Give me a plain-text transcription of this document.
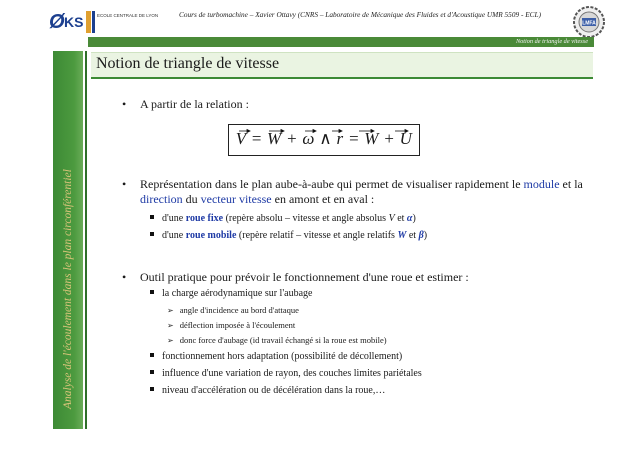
Ø KS	ECOLE CENTRALE DE LYON	Cours de turbomachine – Xavier Ottavy (CNRS – Laboratoire de Mécanique des Fluides et d'Acoustique UMR 5509 - ECL)
LMFA
Notion de triangle de vitesse
Analyse de l'écoulement dans le plan circonférentiel
Notion de triangle de vitesse
• A partir de la relation :
V = W + ω ∧ r = W + U
• Représentation dans le plan aube-à-aube qui permet de visualiser rapidement le module et la direction du vecteur vitesse en amont et en aval :
d'une roue fixe (repère absolu – vitesse et angle absolus V et α)
d'une roue mobile (repère relatif – vitesse et angle relatifs W et β)
• Outil pratique pour prévoir le fonctionnement d'une roue et estimer :
la charge aérodynamique sur l'aubage
➢ angle d'incidence au bord d'attaque
➢ déflection imposée à l'écoulement
➢ donc force d'aubage (id travail échangé si la roue est mobile)
fonctionnement hors adaptation (possibilité de décollement)
influence d'une variation de rayon, des couches limites pariétales
niveau d'accélération ou de décélération dans la roue,…
